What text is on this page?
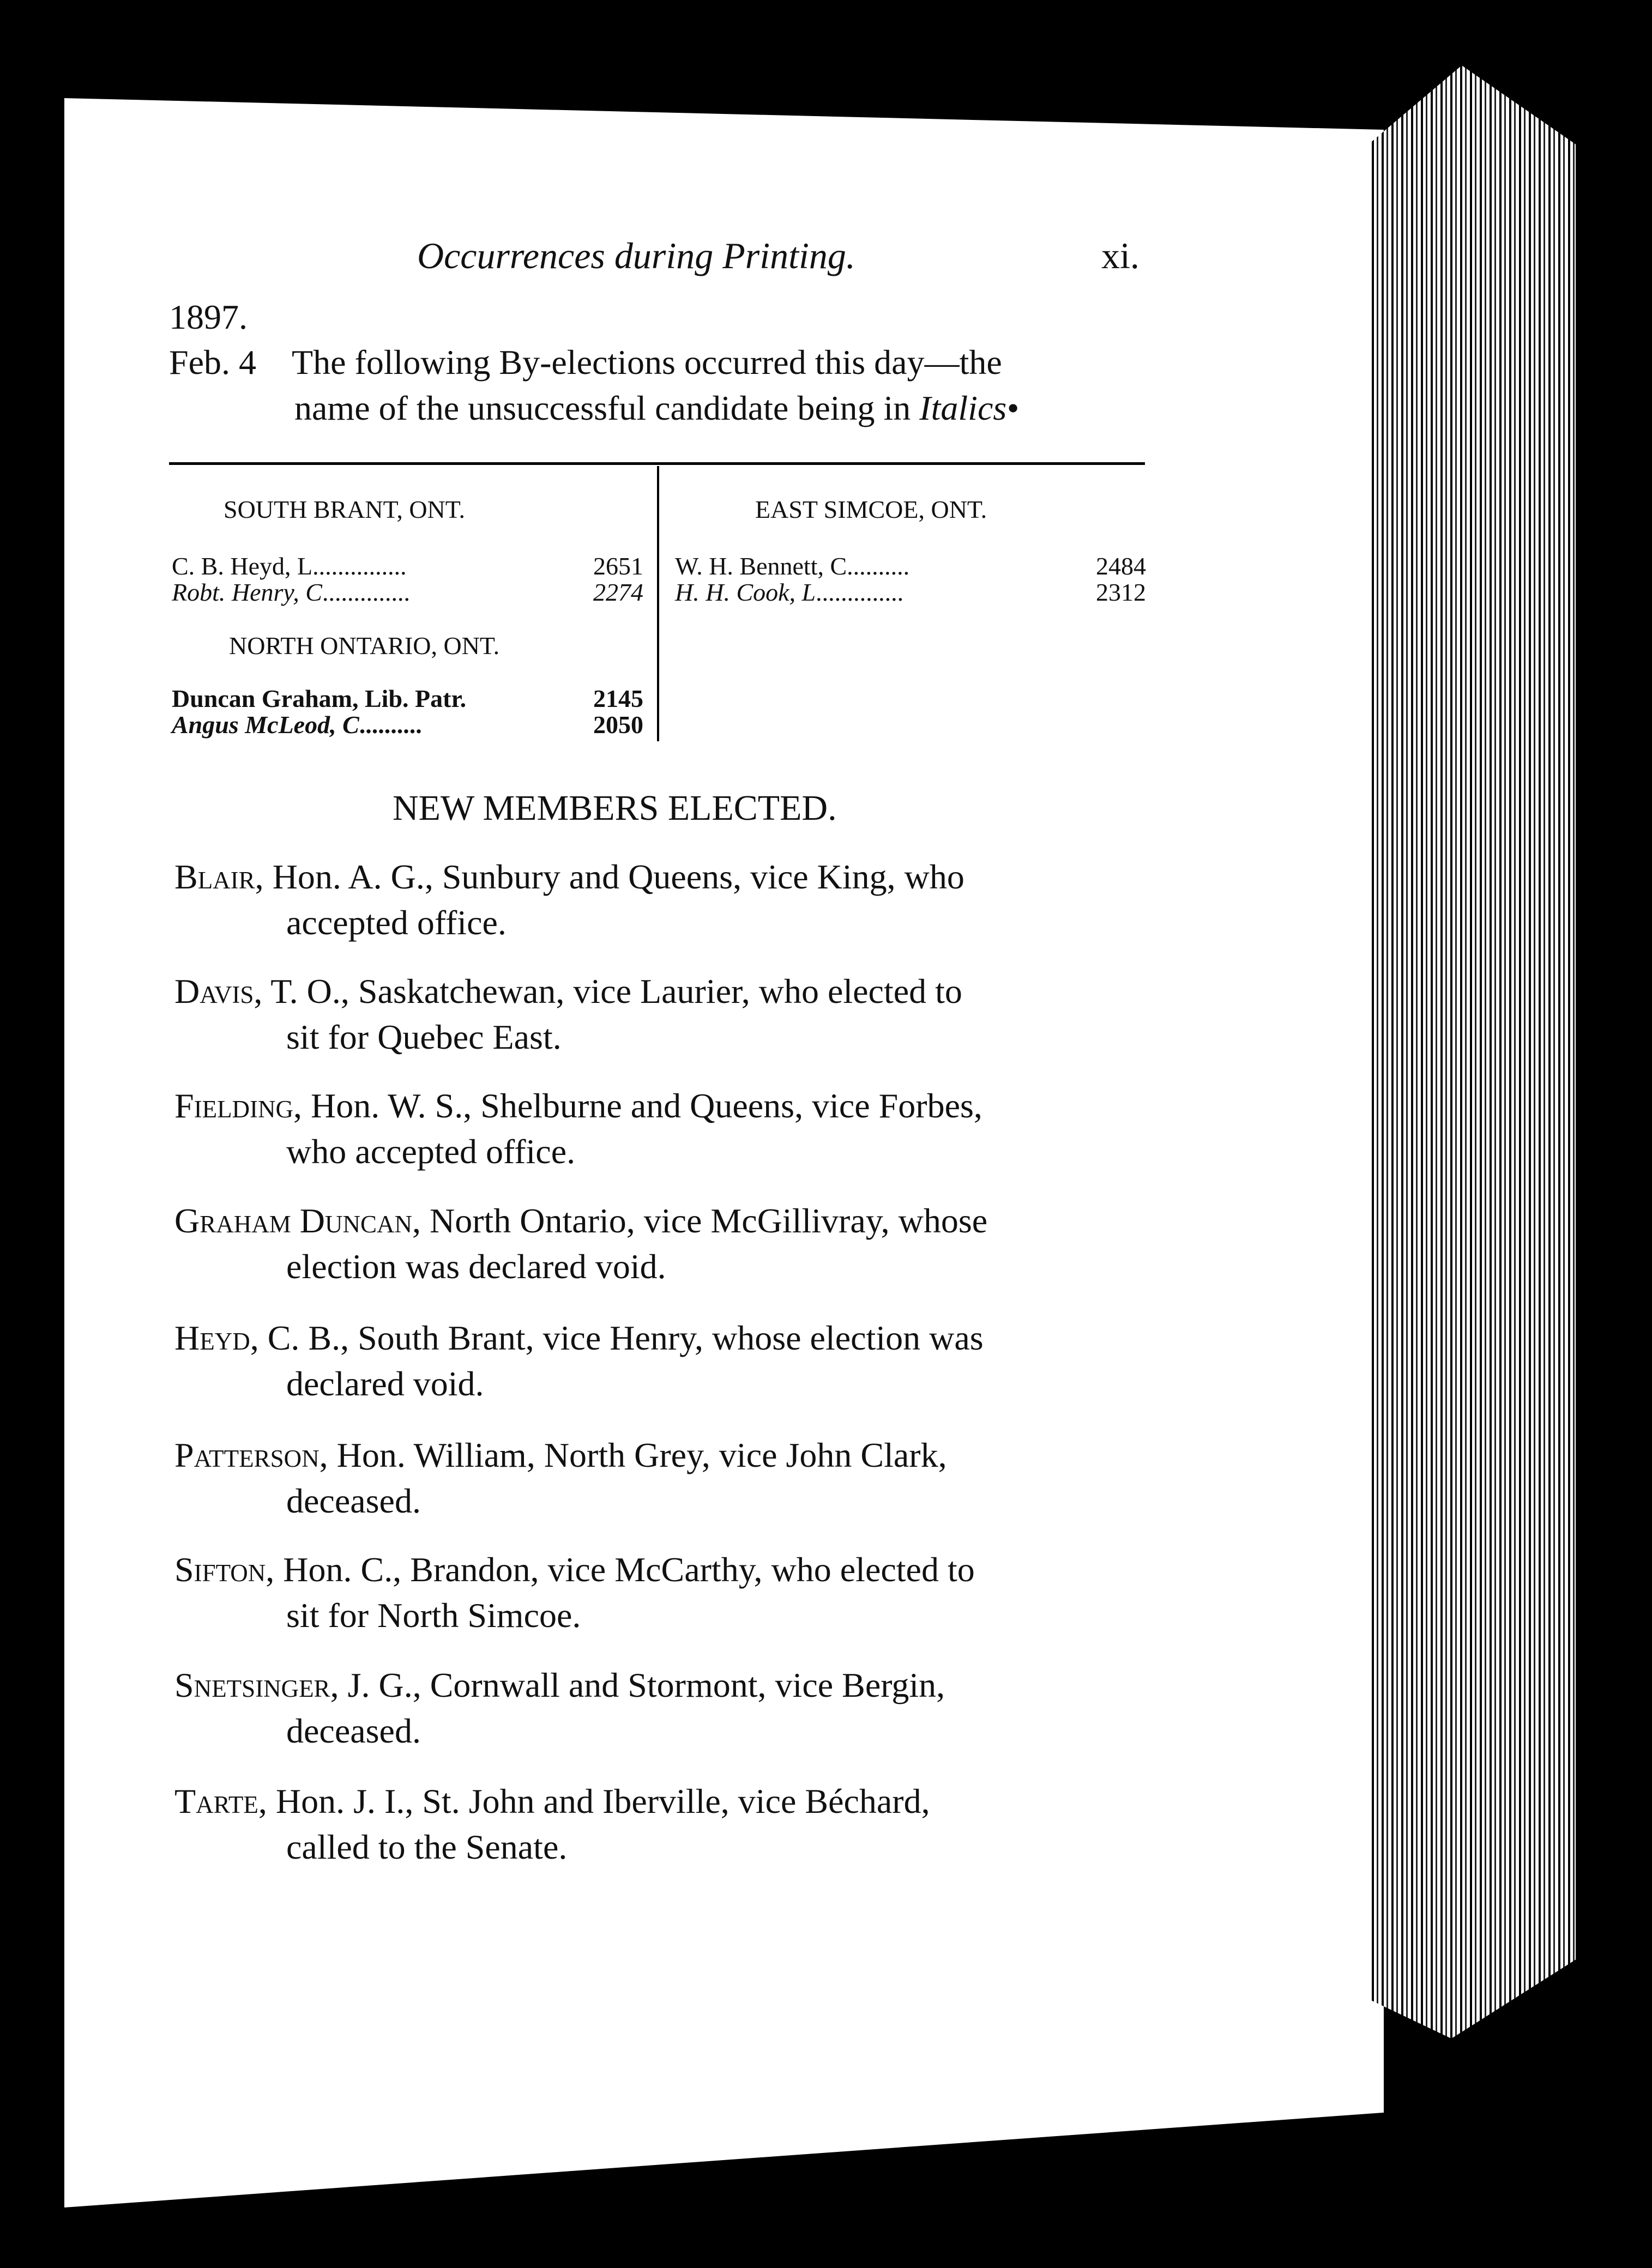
Occurrences during Printing.	xi.
1897.
Feb. 4 The following By-elections occurred this day—the
name of the unsuccessful candidate being in Italics•
SOUTH BRANT, ONT.
C. B. Heyd, L...............	2651
Robt. Henry, C..............	2274
NORTH ONTARIO, ONT.
Duncan Graham, Lib. Patr.	2145
Angus McLeod, C..........	2050
EAST SIMCOE, ONT.
W. H. Bennett, C..........	2484
H. H. Cook, L..............	2312
NEW MEMBERS ELECTED.
Blair, Hon. A. G., Sunbury and Queens, vice King, who
accepted office.
Davis, T. O., Saskatchewan, vice Laurier, who elected to
sit for Quebec East.
Fielding, Hon. W. S., Shelburne and Queens, vice Forbes,
who accepted office.
Graham Duncan, North Ontario, vice McGillivray, whose
election was declared void.
Heyd, C. B., South Brant, vice Henry, whose election was
declared void.
Patterson, Hon. William, North Grey, vice John Clark,
deceased.
Sifton, Hon. C., Brandon, vice McCarthy, who elected to
sit for North Simcoe.
Snetsinger, J. G., Cornwall and Stormont, vice Bergin,
deceased.
Tarte, Hon. J. I., St. John and Iberville, vice Béchard,
called to the Senate.
